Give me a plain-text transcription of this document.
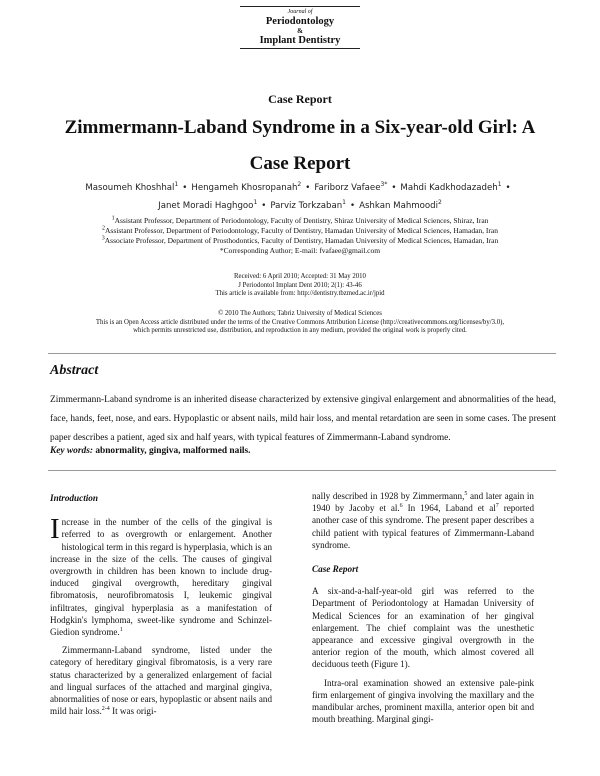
Journal of
Periodontology
&
Implant Dentistry
Case Report
Zimmermann-Laband Syndrome in a Six-year-old Girl: A Case Report
Masoumeh Khoshhal$^1$ • Hengameh Khosropanah$^2$ • Fariborz Vafaee$^{3*}$ • Mahdi Kadkhodazadeh$^1$ •
Janet Moradi Haghgoo$^1$ • Parviz Torkzaban$^1$ • Ashkan Mahmoodi$^2$
$^1$Assistant Professor, Department of Periodontology, Faculty of Dentistry, Shiraz University of Medical Sciences, Shiraz, Iran
$^2$Assistant Professor, Department of Periodontology, Faculty of Dentistry, Hamadan University of Medical Sciences, Hamadan, Iran
$^3$Associate Professor, Department of Prosthodontics, Faculty of Dentistry, Hamadan University of Medical Sciences, Hamadan, Iran
*Corresponding Author; E-mail: fvafaee@gmail.com
Received: 6 April 2010; Accepted: 31 May 2010
J Periodontol Implant Dent 2010; 2(1): 43-46
This article is available from: http://dentistry.tbzmed.ac.ir/jpid
© 2010 The Authors; Tabriz University of Medical Sciences
This is an Open Access article distributed under the terms of the Creative Commons Attribution License (http://creativecommons.org/licenses/by/3.0),
which permits unrestricted use, distribution, and reproduction in any medium, provided the original work is properly cited.
Abstract
Zimmermann-Laband syndrome is an inherited disease characterized by extensive gingival enlargement and abnormalities of the head, face, hands, feet, nose, and ears. Hypoplastic or absent nails, mild hair loss, and mental retardation are seen in some cases. The present paper describes a patient, aged six and half years, with typical features of Zimmermann-Laband syndrome.
Key words: abnormality, gingiva, malformed nails.
Introduction

Increase in the number of the cells of the gingival is referred to as overgrowth or enlargement. Another histological term in this regard is hyperplasia, which is an increase in the size of the cells. The causes of gingival overgrowth in children has been known to include drug-induced gingival overgrowth, hereditary gingival fibromatosis, neurofibromatosis I, leukemic gingival infiltrates, gingival hyperplasia as a manifestation of Hodgkin's lymphoma, sweet-like syndrome and Schinzel-Giedion syndrome.$^1$

Zimmermann-Laband syndrome, listed under the category of hereditary gingival fibromatosis, is a very rare status characterized by a generalized enlargement of facial and lingual surfaces of the attached and marginal gingiva, abnormalities of nose or ears, hypoplastic or absent nails and mild hair loss.$^{2-4}$ It was origi-

nally described in 1928 by Zimmermann,$^5$ and later again in 1940 by Jacoby et al.$^6$ In 1964, Laband et $al^7$ reported another case of this syndrome. The present paper describes a child patient with typical features of Zimmermann-Laband syndrome.

Case Report

A six-and-a-half-year-old girl was referred to the Department of Periodontology at Hamadan University of Medical Sciences for an examination of her gingival enlargement. The chief complaint was the unesthetic appearance and excessive gingival overgrowth in the anterior region of the mouth, which almost covered all deciduous teeth (Figure 1).

Intra-oral examination showed an extensive pale-pink firm enlargement of gingiva involving the maxillary and the mandibular arches, prominent maxilla, anterior open bit and mouth breathing. Marginal gingi-
